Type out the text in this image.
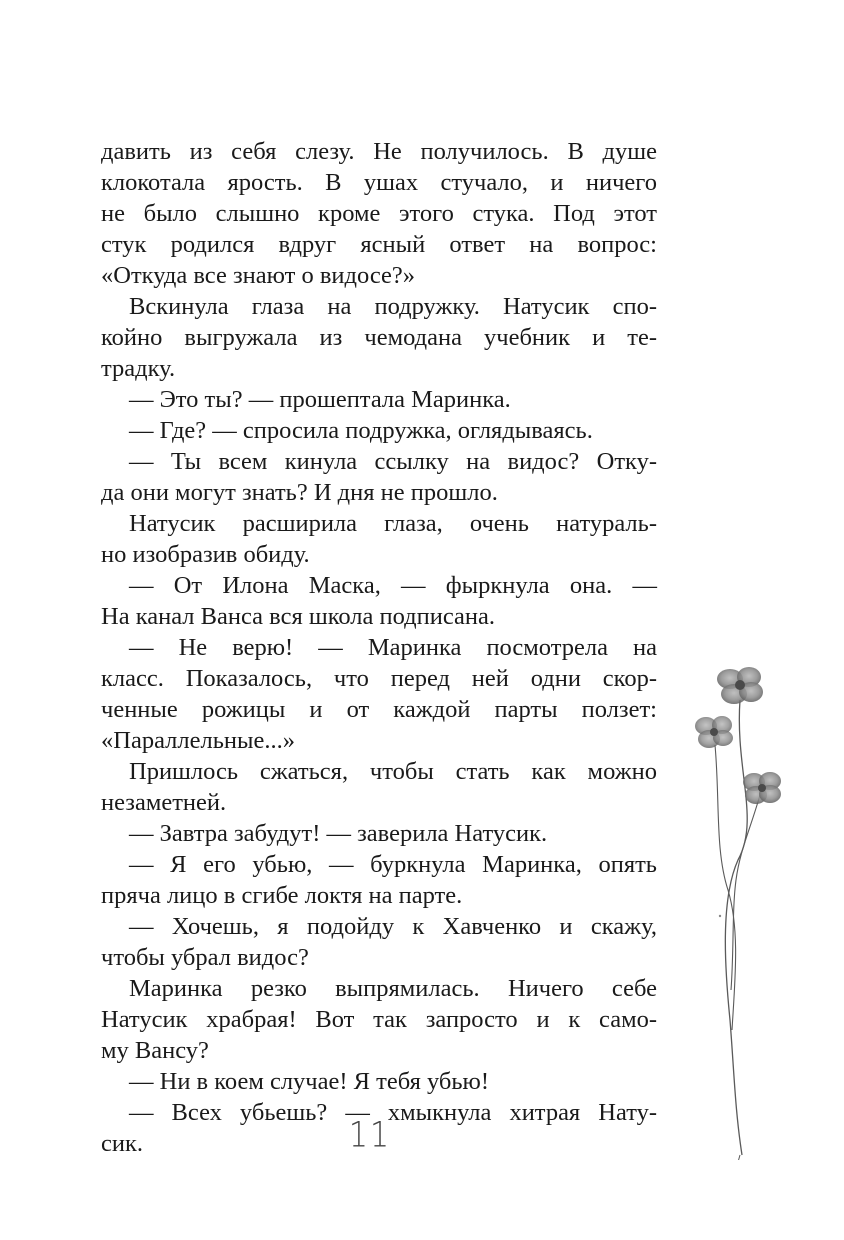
давить из себя слезу. Не получилось. В душе
клокотала ярость. В ушах стучало, и ничего
не было слышно кроме этого стука. Под этот
стук родился вдруг ясный ответ на вопрос:
«Откуда все знают о видосе?»
Вскинула глаза на подружку. Натусик спо-
койно выгружала из чемодана учебник и те-
традку.
— Это ты? — прошептала Маринка.
— Где? — спросила подружка, оглядываясь.
— Ты всем кинула ссылку на видос? Отку-
да они могут знать? И дня не прошло.
Натусик расширила глаза, очень натураль-
но изобразив обиду.
— От Илона Маска, — фыркнула она. —
На канал Ванса вся школа подписана.
— Не верю! — Маринка посмотрела на
класс. Показалось, что перед ней одни скор-
ченные рожицы и от каждой парты ползет:
«Параллельные...»
Пришлось сжаться, чтобы стать как можно
незаметней.
— Завтра забудут! — заверила Натусик.
— Я его убью, — буркнула Маринка, опять
пряча лицо в сгибе локтя на парте.
— Хочешь, я подойду к Хавченко и скажу,
чтобы убрал видос?
Маринка резко выпрямилась. Ничего себе
Натусик храбрая! Вот так запросто и к само-
му Вансу?
— Ни в коем случае! Я тебя убью!
— Всех убьешь? — хмыкнула хитрая Нату-
сик.	11
